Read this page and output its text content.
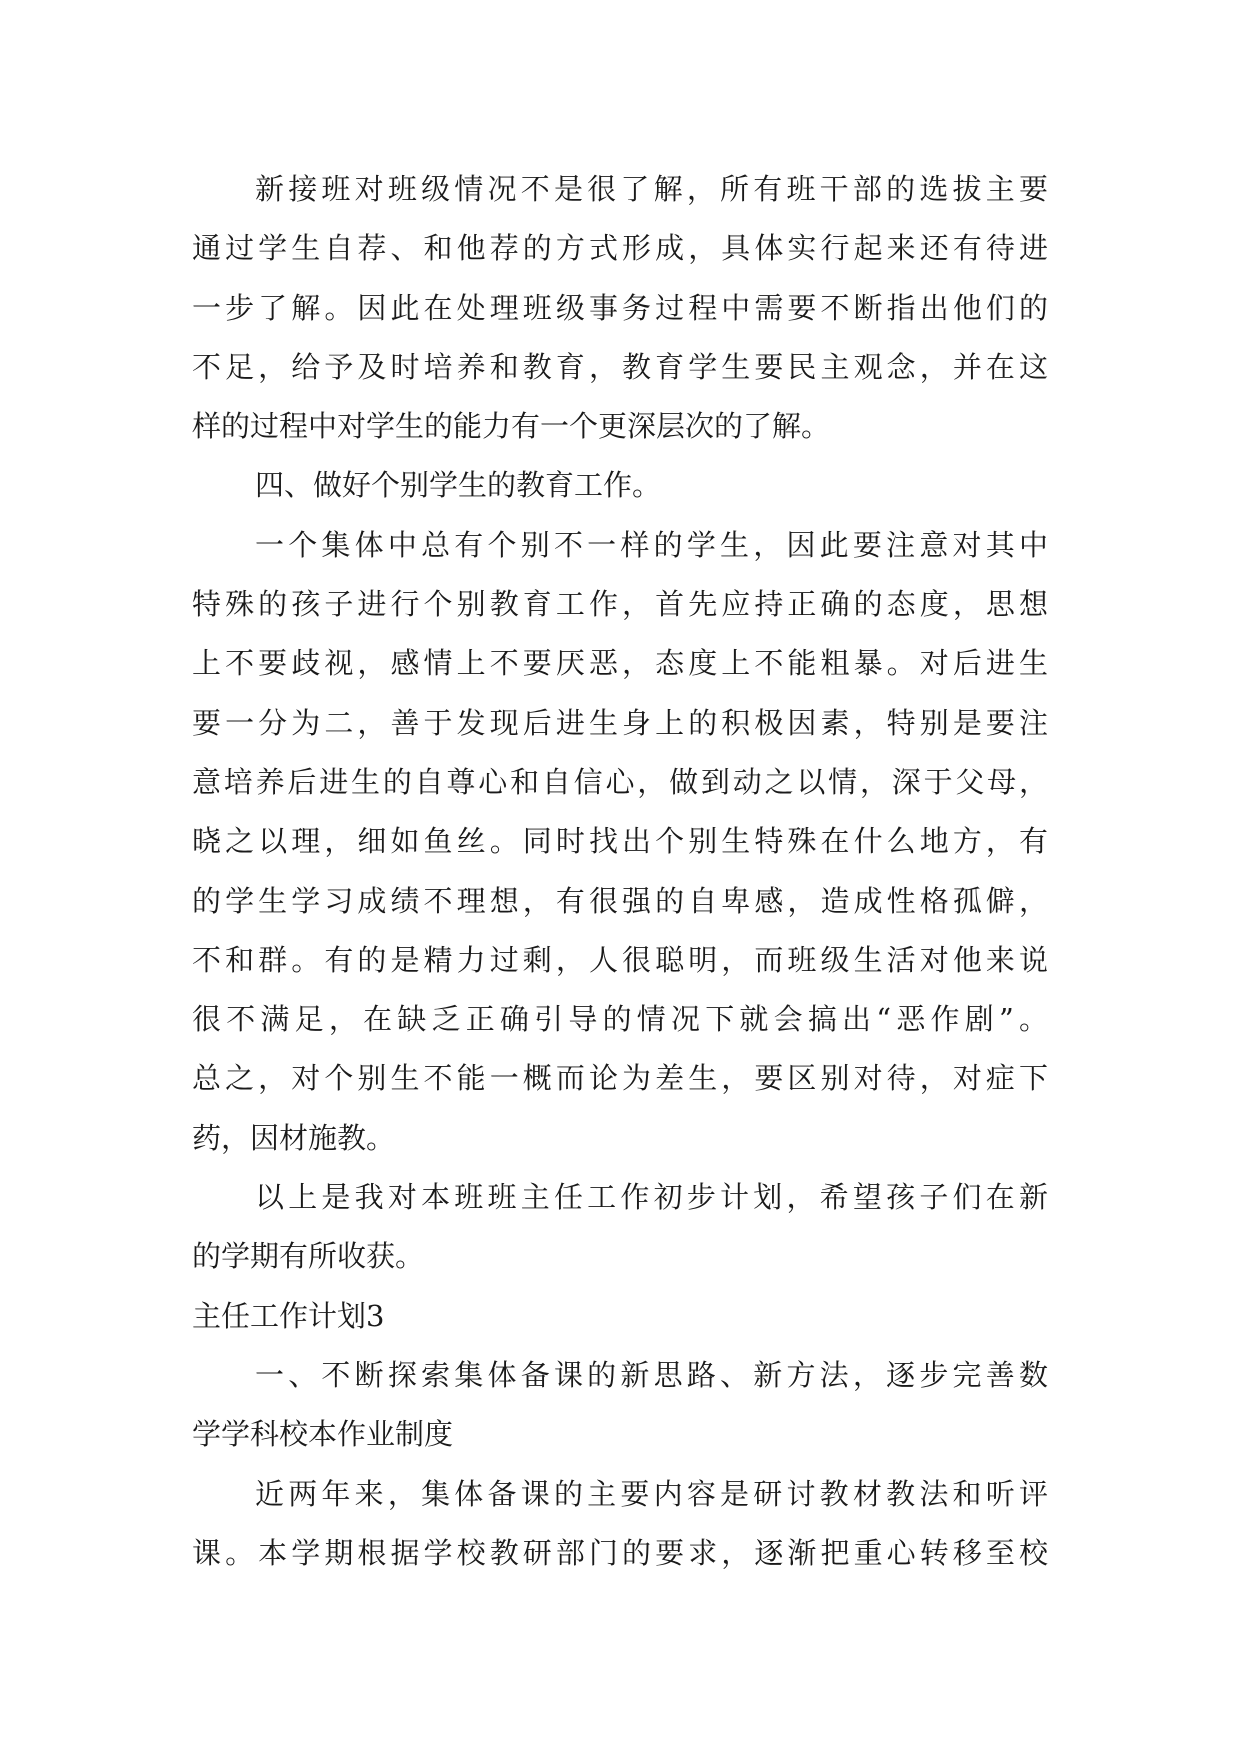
新接班对班级情况不是很了解，所有班干部的选拔主要
通过学生自荐、和他荐的方式形成，具体实行起来还有待进
一步了解。因此在处理班级事务过程中需要不断指出他们的
不足，给予及时培养和教育，教育学生要民主观念，并在这
样的过程中对学生的能力有一个更深层次的了解。
四、做好个别学生的教育工作。
一个集体中总有个别不一样的学生，因此要注意对其中
特殊的孩子进行个别教育工作，首先应持正确的态度，思想
上不要歧视，感情上不要厌恶，态度上不能粗暴。对后进生
要一分为二，善于发现后进生身上的积极因素，特别是要注
意培养后进生的自尊心和自信心，做到动之以情，深于父母，
晓之以理，细如鱼丝。同时找出个别生特殊在什么地方，有
的学生学习成绩不理想，有很强的自卑感，造成性格孤僻，
不和群。有的是精力过剩，人很聪明，而班级生活对他来说
很不满足，在缺乏正确引导的情况下就会搞出“恶作剧”。
总之，对个别生不能一概而论为差生，要区别对待，对症下
药，因材施教。
以上是我对本班班主任工作初步计划，希望孩子们在新
的学期有所收获。
主任工作计划3
一、不断探索集体备课的新思路、新方法，逐步完善数
学学科校本作业制度
近两年来，集体备课的主要内容是研讨教材教法和听评
课。本学期根据学校教研部门的要求，逐渐把重心转移至校
